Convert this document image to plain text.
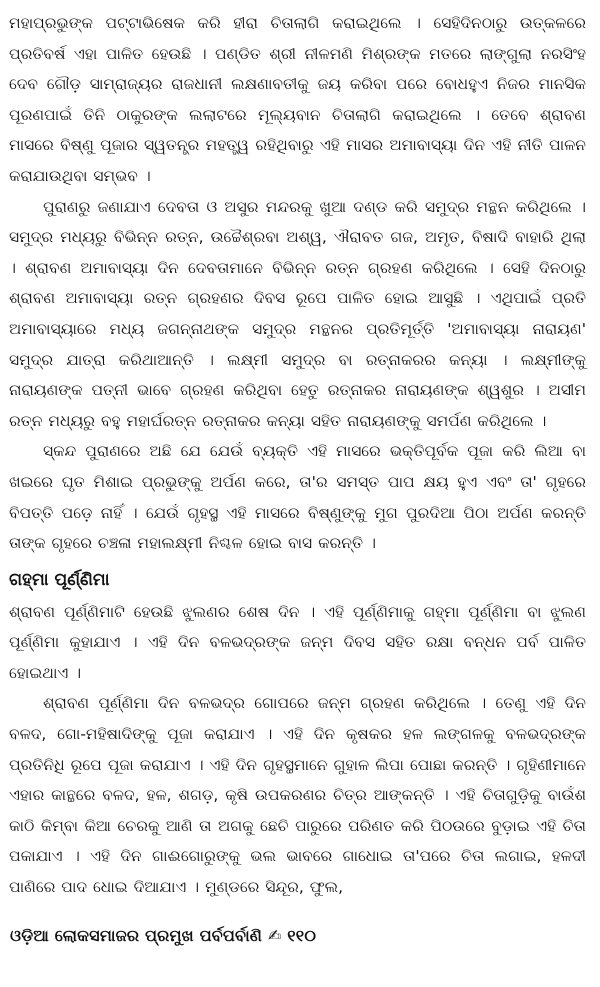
ମହାପ୍ରଭୁଙ୍କ ପଟ୍ଟାଭିଷେକ କରି ହୀରା ଚିତାଲାଗି କରାଇଥିଲେ । ସେହିଦିନଠାରୁ ଉତ୍କଳରେ ପ୍ରତିବର୍ଷ ଏହା ପାଳିତ ହେଉଛି । ପଣ୍ଡିତ ଶ୍ରୀ ନୀଳମଣି ମିଶ୍ରଙ୍କ ମତରେ ଲାଙ୍ଗୁଲା ନରସିଂହ ଦେବ ଗୌଡ଼ ସାମ୍ରାଜ୍ୟର ରାଜଧାନୀ ଲକ୍ଷଣାବତୀକୁ ଜୟ କରିବା ପରେ ବୋଧହୁଏ ନିଜର ମାନସିକ ପୂରଣପାଇଁ ତିନି ଠାକୁରଙ୍କ ଲଲାଟରେ ମୂଲ୍ୟବାନ ଚିତାଲାଗି କରାଇଥିଲେ । ତେବେ ଶ୍ରାବଣ ମାସରେ ବିଷ୍ଣୁ ପୂଜାର ସ୍ୱତନ୍ତ୍ର ମହତ୍ତ୍ୱ ରହିଥିବାରୁ ଏହି ମାସର ଅମାବାସ୍ୟା ଦିନ ଏହି ନୀତି ପାଳନ କରାଯାଉଥିବା ସମ୍ଭବ ।

ପୁରାଣରୁ ଜଣାଯାଏ ଦେବତା ଓ ଅସୁର ମନ୍ଦରକୁ ଖୁଆ ଦଣ୍ଡ କରି ସମୁଦ୍ର ମନ୍ଥନ କରିଥିଲେ । ସମୁଦ୍ର ମଧ୍ୟରୁ ବିଭିନ୍ନ ରତ୍ନ, ଉଚ୍ଚୈଶ୍ରବା ଅଶ୍ୱ, ଐରାବତ ଗଜ, ଅମୃତ, ବିଷାଦି ବାହାରି ଥିଲା । ଶ୍ରାବଣ ଅମାବାସ୍ୟା ଦିନ ଦେବତାମାନେ ବିଭିନ୍ନ ରତ୍ନ ଗ୍ରହଣ କରିଥିଲେ । ସେହି ଦିନଠାରୁ ଶ୍ରାବଣ ଅମାବାସ୍ୟା ରତ୍ନ ଗ୍ରହଣର ଦିବସ ରୂପେ ପାଳିତ ହୋଇ ଆସୁଛି । ଏଥିପାଇଁ ପ୍ରତି ଅମାବାସ୍ୟାରେ ମଧ୍ୟ ଜଗନ୍ନାଥଙ୍କ ସମୁଦ୍ର ମନ୍ଥନର ପ୍ରତିମୂର୍ତ୍ତି 'ଅମାବାସ୍ୟା ନାରାୟଣ' ସମୁଦ୍ର ଯାତ୍ରା କରିଥାଆନ୍ତି । ଲକ୍ଷ୍ମୀ ସମୁଦ୍ର ବା ରତ୍ନାକରର କନ୍ୟା । ଲକ୍ଷ୍ମୀଙ୍କୁ ନାରାୟଣଙ୍କ ପତ୍ନୀ ଭାବେ ଗ୍ରହଣ କରିଥିବା ହେତୁ ରତ୍ନାକର ନାରାୟଣଙ୍କ ଶ୍ୱଶୁର । ଅସୀମ ରତ୍ନ ମଧ୍ୟରୁ ବହୁ ମହାର୍ଘରତ୍ନ ରତ୍ନାକର କନ୍ୟା ସହିତ ନାରାୟଣଙ୍କୁ ସମର୍ପଣ କରିଥିଲେ ।

ସ୍କନ୍ଦ ପୁରାଣରେ ଅଛି ଯେ ଯେଉଁ ବ୍ୟକ୍ତି ଏହି ମାସରେ ଭକ୍ତିପୂର୍ବକ ପୂଜା କରି ଲିଆ ବା ଖଇରେ ଘୃତ ମିଶାଇ ପ୍ରଭୁଙ୍କୁ ଅର୍ପଣ କରେ, ତା'ର ସମସ୍ତ ପାପ କ୍ଷୟ ହୁଏ ଏବଂ ତା' ଗୃହରେ ବିପତ୍ତି ପଡ଼େ ନାହିଁ । ଯେଉଁ ଗୃହସ୍ଥ ଏହି ମାସରେ ବିଷ୍ଣୁଙ୍କୁ ମୁଗ ପୁରଦିଆ ପିଠା ଅର୍ପଣ କରନ୍ତି ତାଙ୍କ ଗୃହରେ ଚଞ୍ଚଳା ମହାଲକ୍ଷ୍ମୀ ନିଶ୍ଚଳ ହୋଇ ବାସ କରନ୍ତି ।

ଗହ୍ମା ପୂର୍ଣ୍ଣିମା

ଶ୍ରାବଣ ପୂର୍ଣ୍ଣିମାଟି ହେଉଛି ଝୁଲଣର ଶେଷ ଦିନ । ଏହି ପୂର୍ଣ୍ଣିମାକୁ ଗହ୍ମା ପୂର୍ଣ୍ଣିମା ବା ଝୁଲଣ ପୂର୍ଣ୍ଣିମା କୁହାଯାଏ । ଏହି ଦିନ ବଳଭଦ୍ରଙ୍କ ଜନ୍ମ ଦିବସ ସହିତ ରକ୍ଷା ବନ୍ଧନ ପର୍ବ ପାଳିତ ହୋଇଥାଏ ।

ଶ୍ରାବଣ ପୂର୍ଣ୍ଣିମା ଦିନ ବଳଭଦ୍ର ଗୋପରେ ଜନ୍ମ ଗ୍ରହଣ କରିଥିଲେ । ତେଣୁ ଏହି ଦିନ ବଳଦ, ଗୋ-ମହିଷାଦିଙ୍କୁ ପୂଜା କରାଯାଏ । ଏହି ଦିନ କୃଷକର ହଳ ଲଙ୍ଗଳକୁ ବଳଭଦ୍ରଙ୍କ ପ୍ରତିନିଧି ରୂପେ ପୂଜା କରାଯାଏ । ଏହି ଦିନ ଗୃହସ୍ଥମାନେ ଗୁହାଳ ଲିପା ପୋଛା କରନ୍ତି । ଗୃହିଣୀମାନେ ଏହାର କାନ୍ଥରେ ବଳଦ, ହଳ, ଶଗଡ଼, କୃଷି ଉପକରଣର ଚିତ୍ର ଆଙ୍କନ୍ତି । ଏହି ଚିତାଗୁଡ଼ିକୁ ବାଉଁଶ କାଠି କିମ୍ବା କିଆ ଚେରକୁ ଆଣି ତା ଅଗକୁ ଛେଚି ପାରୁରେ ପରିଣତ କରି ପିଠଉରେ ବୁଡ଼ାଇ ଏହି ଚିତା ପକାଯାଏ । ଏହି ଦିନ ଗାଈଗୋରୁଙ୍କୁ ଭଲ ଭାବରେ ଗାଧୋଇ ତା'ପରେ ଚିତା ଲଗାଇ, ହଳଦୀ ପାଣିରେ ପାଦ ଧୋଇ ଦିଆଯାଏ । ମୁଣ୍ଡରେ ସିନ୍ଦୂର, ଫୁଲ,

ଓଡ଼ିଆ ଲୋକସମାଜର ପ୍ରମୁଖ ପର୍ବପର୍ବାଣି ✍ ୧୧୦
